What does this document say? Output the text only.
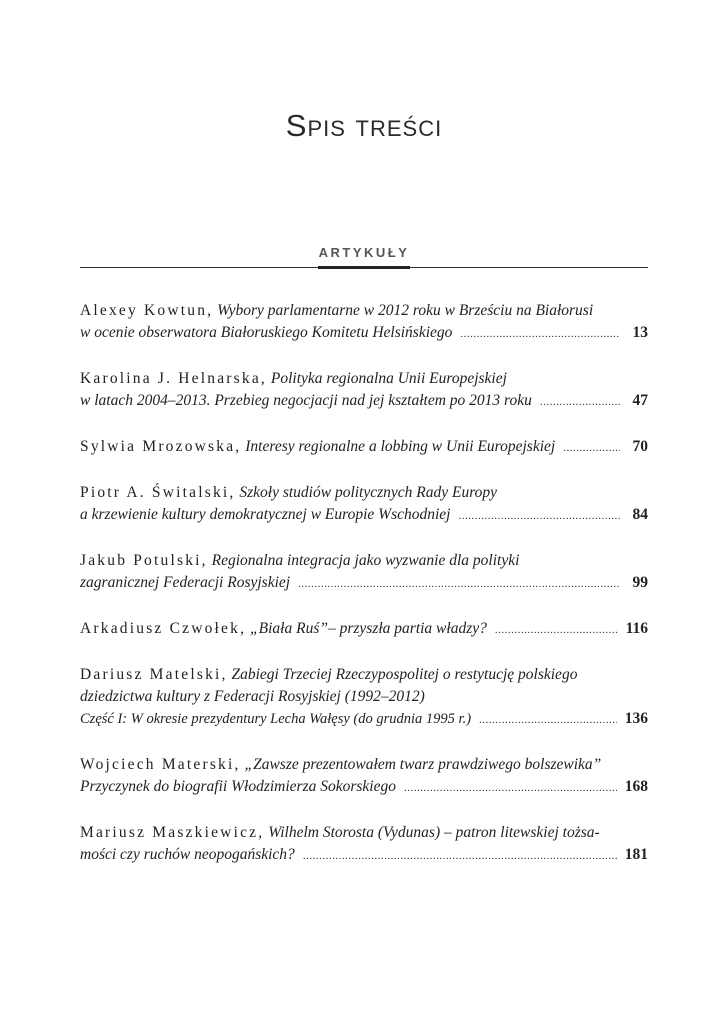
Spis treści
ARTYKUŁY
Alexey Kowtun,
Wybory parlamentarne w 2012 roku w Brześciu na Białorusi
w ocenie obserwatora Białoruskiego Komitetu Helsińskiego .....	13
Karolina J. Helnarska,
Polityka regionalna Unii Europejskiej
w latach 2004–2013. Przebieg negocjacji nad jej kształtem po 2013 roku .....	47
Sylwia Mrozowska,
Interesy regionalne a lobbing w Unii Europejskiej .....	70
Piotr A. Świtalski,
Szkoły studiów politycznych Rady Europy
a krzewienie kultury demokratycznej w Europie Wschodniej .....	84
Jakub Potulski,
Regionalna integracja jako wyzwanie dla polityki
zagranicznej Federacji Rosyjskiej .....	99
Arkadiusz Czwołek,
„Biała Ruś”– przyszła partia władzy? .....	116
Dariusz Matelski,
Zabiegi Trzeciej Rzeczypospolitej o restytucję polskiego
dziedzictwa kultury z Federacji Rosyjskiej (1992–2012)
Część I: W okresie prezydentury Lecha Wałęsy (do grudnia 1995 r.) .....	136
Wojciech Materski,
„Zawsze prezentowałem twarz prawdziwego bolszewika”
Przyczynek do biografii Włodzimierza Sokorskiego .....	168
Mariusz Maszkiewicz,
Wilhelm Storosta (Vydunas) – patron litewskiej tożsa-
mości czy ruchów neopogańskich? .....	181
